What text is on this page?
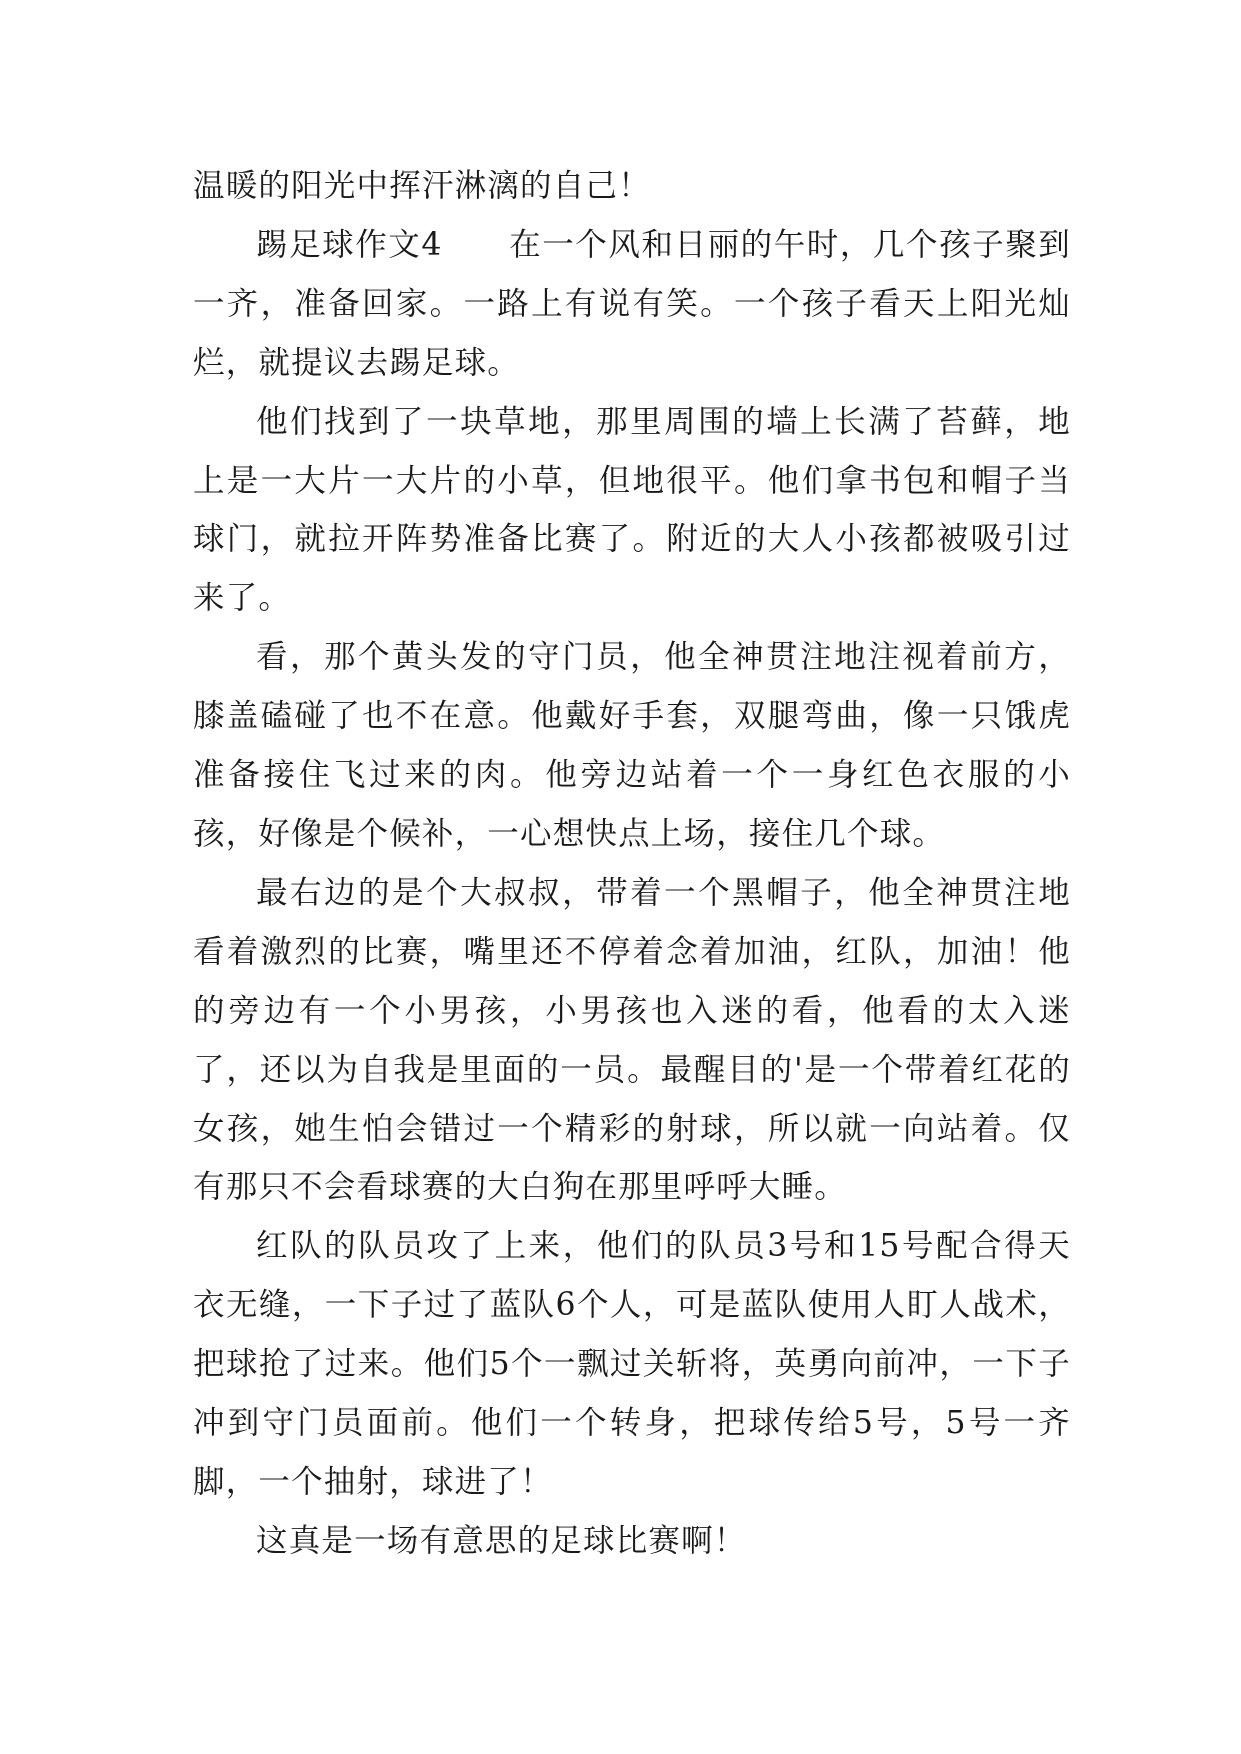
温暖的阳光中挥汗淋漓的自己！

踢足球作文4　　在一个风和日丽的午时，几个孩子聚到一齐，准备回家。一路上有说有笑。一个孩子看天上阳光灿烂，就提议去踢足球。

他们找到了一块草地，那里周围的墙上长满了苔藓，地上是一大片一大片的小草，但地很平。他们拿书包和帽子当球门，就拉开阵势准备比赛了。附近的大人小孩都被吸引过来了。

看，那个黄头发的守门员，他全神贯注地注视着前方，膝盖磕碰了也不在意。他戴好手套，双腿弯曲，像一只饿虎准备接住飞过来的肉。他旁边站着一个一身红色衣服的小孩，好像是个候补，一心想快点上场，接住几个球。

最右边的是个大叔叔，带着一个黑帽子，他全神贯注地看着激烈的比赛，嘴里还不停着念着加油，红队，加油！他的旁边有一个小男孩，小男孩也入迷的看，他看的太入迷了，还以为自我是里面的一员。最醒目的'是一个带着红花的女孩，她生怕会错过一个精彩的射球，所以就一向站着。仅有那只不会看球赛的大白狗在那里呼呼大睡。

红队的队员攻了上来，他们的队员3号和15号配合得天衣无缝，一下子过了蓝队6个人，可是蓝队使用人盯人战术，把球抢了过来。他们5个一飘过关斩将，英勇向前冲，一下子冲到守门员面前。他们一个转身，把球传给5号，5号一齐脚，一个抽射，球进了！

这真是一场有意思的足球比赛啊！
